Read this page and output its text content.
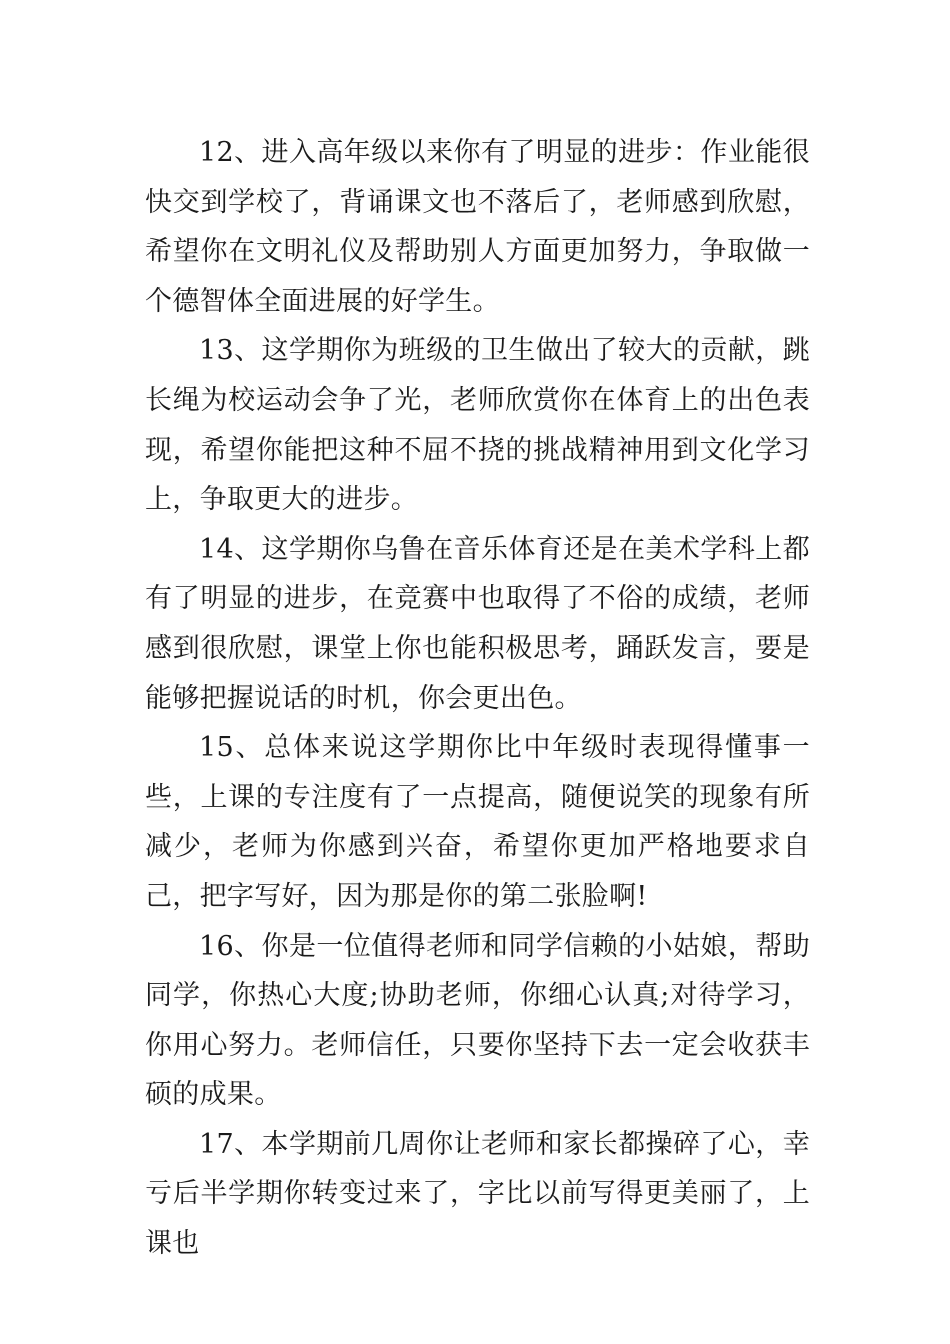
12、进入高年级以来你有了明显的进步：作业能很快交到学校了，背诵课文也不落后了，老师感到欣慰，希望你在文明礼仪及帮助别人方面更加努力，争取做一个德智体全面进展的好学生。

13、这学期你为班级的卫生做出了较大的贡献，跳长绳为校运动会争了光，老师欣赏你在体育上的出色表现，希望你能把这种不屈不挠的挑战精神用到文化学习上，争取更大的进步。

14、这学期你乌鲁在音乐体育还是在美术学科上都有了明显的进步，在竞赛中也取得了不俗的成绩，老师感到很欣慰，课堂上你也能积极思考，踊跃发言，要是能够把握说话的时机，你会更出色。

15、总体来说这学期你比中年级时表现得懂事一些，上课的专注度有了一点提高，随便说笑的现象有所减少，老师为你感到兴奋，希望你更加严格地要求自己，把字写好，因为那是你的第二张脸啊!

16、你是一位值得老师和同学信赖的小姑娘，帮助同学，你热心大度;协助老师，你细心认真;对待学习，你用心努力。老师信任，只要你坚持下去一定会收获丰硕的成果。

17、本学期前几周你让老师和家长都操碎了心，幸亏后半学期你转变过来了，字比以前写得更美丽了，上课也
